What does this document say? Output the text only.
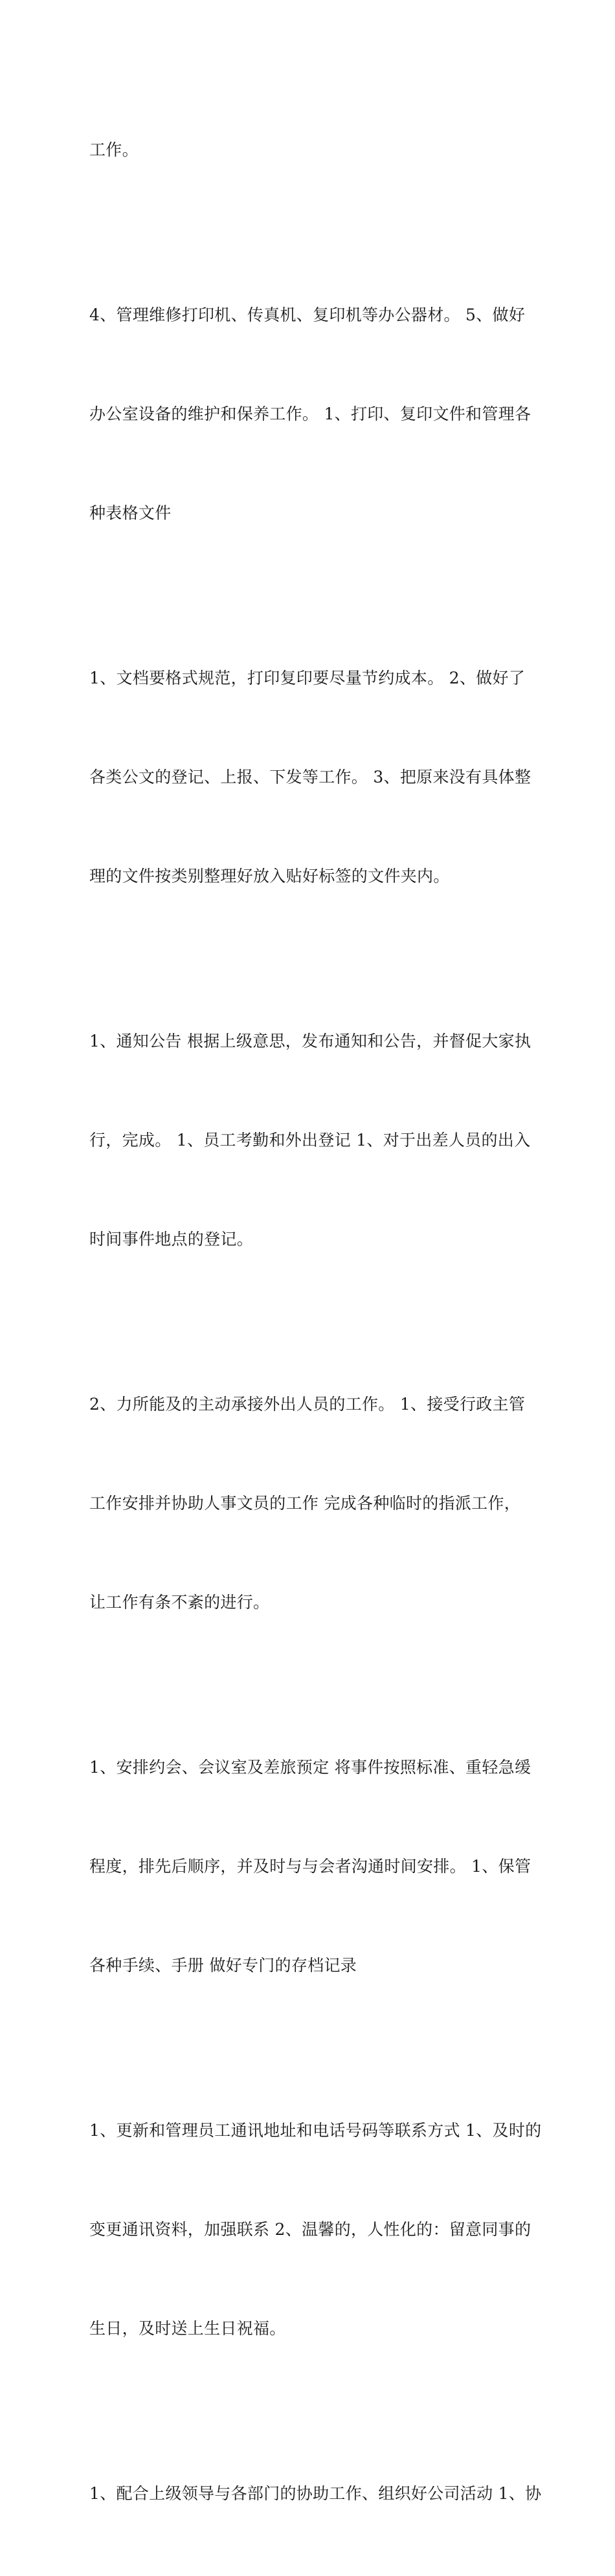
工作。

4、管理维修打印机、传真机、复印机等办公器材。 5、做好

办公室设备的维护和保养工作。 1、打印、复印文件和管理各

种表格文件

1、文档要格式规范，打印复印要尽量节约成本。 2、做好了

各类公文的登记、上报、下发等工作。 3、把原来没有具体整

理的文件按类别整理好放入贴好标签的文件夹内。

1、通知公告 根据上级意思，发布通知和公告，并督促大家执

行，完成。 1、员工考勤和外出登记 1、对于出差人员的出入

时间事件地点的登记。

2、力所能及的主动承接外出人员的工作。 1、接受行政主管

工作安排并协助人事文员的工作 完成各种临时的指派工作，

让工作有条不紊的进行。

1、安排约会、会议室及差旅预定 将事件按照标准、重轻急缓

程度，排先后顺序，并及时与与会者沟通时间安排。 1、保管

各种手续、手册 做好专门的存档记录

1、更新和管理员工通讯地址和电话号码等联系方式 1、及时的

变更通讯资料，加强联系 2、温馨的，人性化的：留意同事的

生日，及时送上生日祝福。

1、配合上级领导与各部门的协助工作、组织好公司活动 1、协
